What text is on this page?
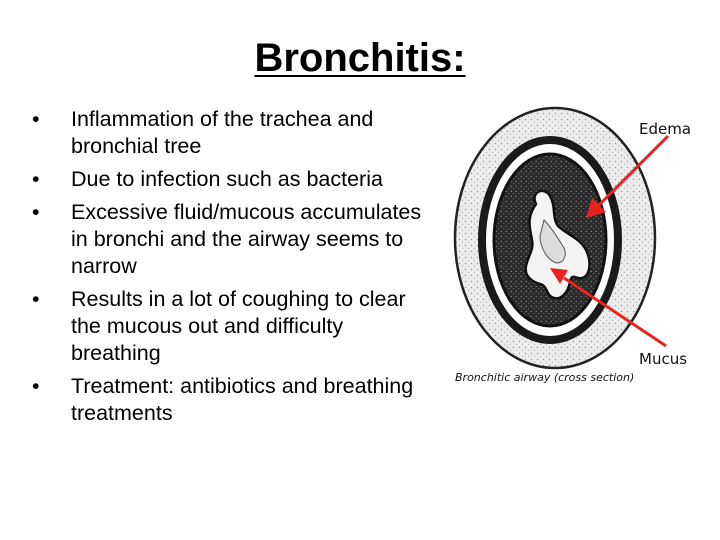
Bronchitis:
•	Inflammation of the trachea and bronchial tree
•	Due to infection such as bacteria
•	Excessive fluid/mucous accumulates in bronchi and the airway seems to narrow
•	Results in a lot of coughing to clear the mucous out and difficulty breathing
•	Treatment: antibiotics and breathing treatments
Edema
Mucus
Bronchitic airway (cross section)
